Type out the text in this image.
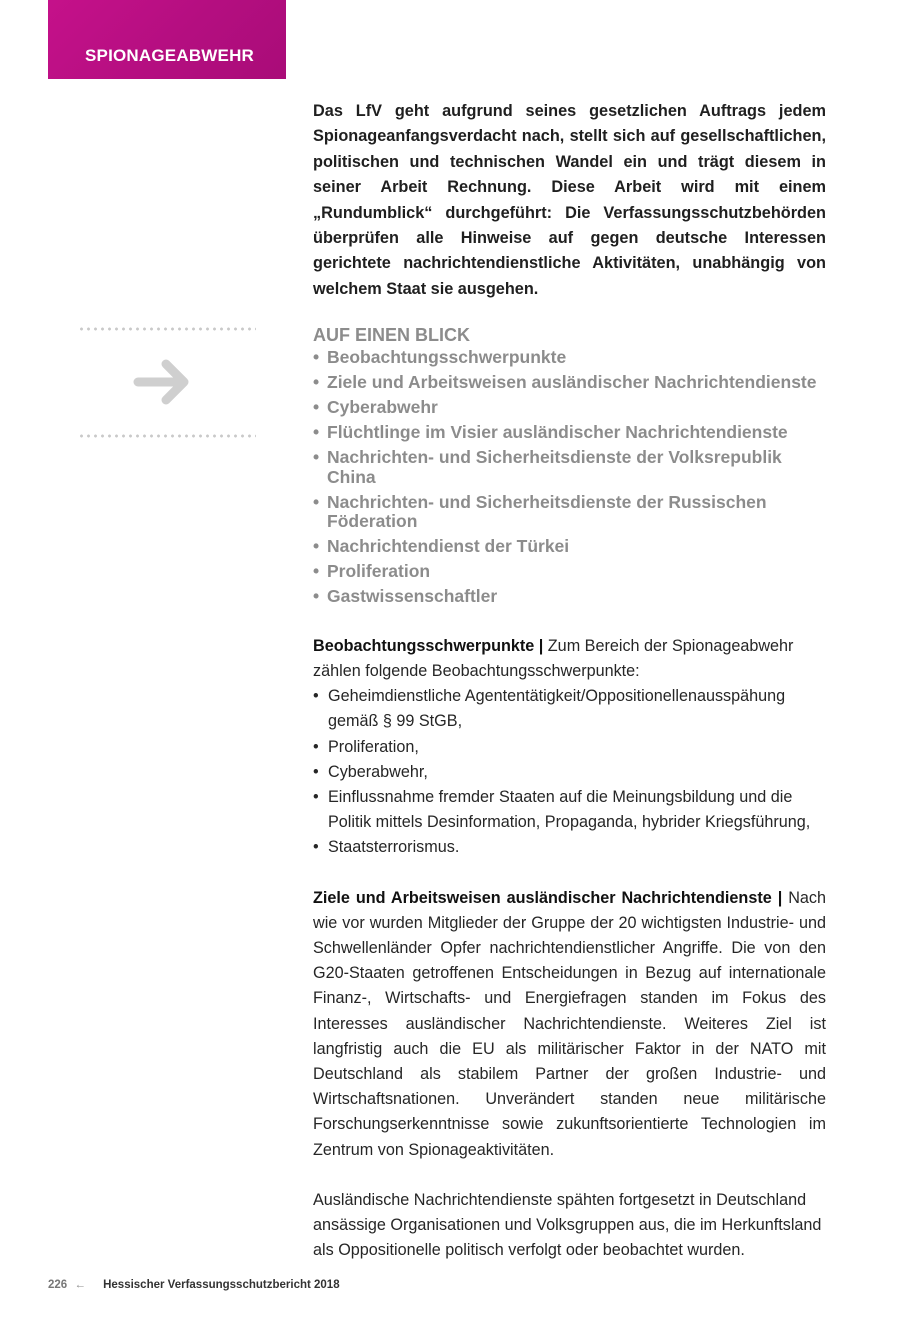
SPIONAGEABWEHR

Das LfV geht aufgrund seines gesetzlichen Auftrags jedem Spionageanfangsverdacht nach, stellt sich auf gesellschaftlichen, politischen und technischen Wandel ein und trägt diesem in seiner Arbeit Rechnung. Diese Arbeit wird mit einem „Rundumblick“ durchgeführt: Die Verfassungsschutzbehörden überprüfen alle Hinweise auf gegen deutsche Interessen gerichtete nachrichtendienstliche Aktivitäten, unabhängig von welchem Staat sie ausgehen.

AUF EINEN BLICK
• Beobachtungsschwerpunkte
• Ziele und Arbeitsweisen ausländischer Nachrichtendienste
• Cyberabwehr
• Flüchtlinge im Visier ausländischer Nachrichtendienste
• Nachrichten- und Sicherheitsdienste der Volksrepublik China
• Nachrichten- und Sicherheitsdienste der Russischen Föderation
• Nachrichtendienst der Türkei
• Proliferation
• Gastwissenschaftler

Beobachtungsschwerpunkte | Zum Bereich der Spionageabwehr zählen folgende Beobachtungsschwerpunkte:

• Geheimdienstliche Agententätigkeit/Oppositionellenausspähung gemäß § 99 StGB,
• Proliferation,
• Cyberabwehr,
• Einflussnahme fremder Staaten auf die Meinungsbildung und die Politik mittels Desinformation, Propaganda, hybrider Kriegsführung,
• Staatsterrorismus.

Ziele und Arbeitsweisen ausländischer Nachrichtendienste | Nach wie vor wurden Mitglieder der Gruppe der 20 wichtigsten Industrie- und Schwellenländer Opfer nachrichtendienstlicher Angriffe. Die von den G20-Staaten getroffenen Entscheidungen in Bezug auf internationale Finanz-, Wirtschafts- und Energiefragen standen im Fokus des Interesses ausländischer Nachrichtendienste. Weiteres Ziel ist langfristig auch die EU als militärischer Faktor in der NATO mit Deutschland als stabilem Partner der großen Industrie- und Wirtschaftsnationen. Unverändert standen neue militärische Forschungserkenntnisse sowie zukunftsorientierte Technologien im Zentrum von Spionageaktivitäten.

Ausländische Nachrichtendienste spähten fortgesetzt in Deutschland ansässige Organisationen und Volksgruppen aus, die im Herkunftsland als Oppositionelle politisch verfolgt oder beobachtet wurden.

226 ← Hessischer Verfassungsschutzbericht 2018
